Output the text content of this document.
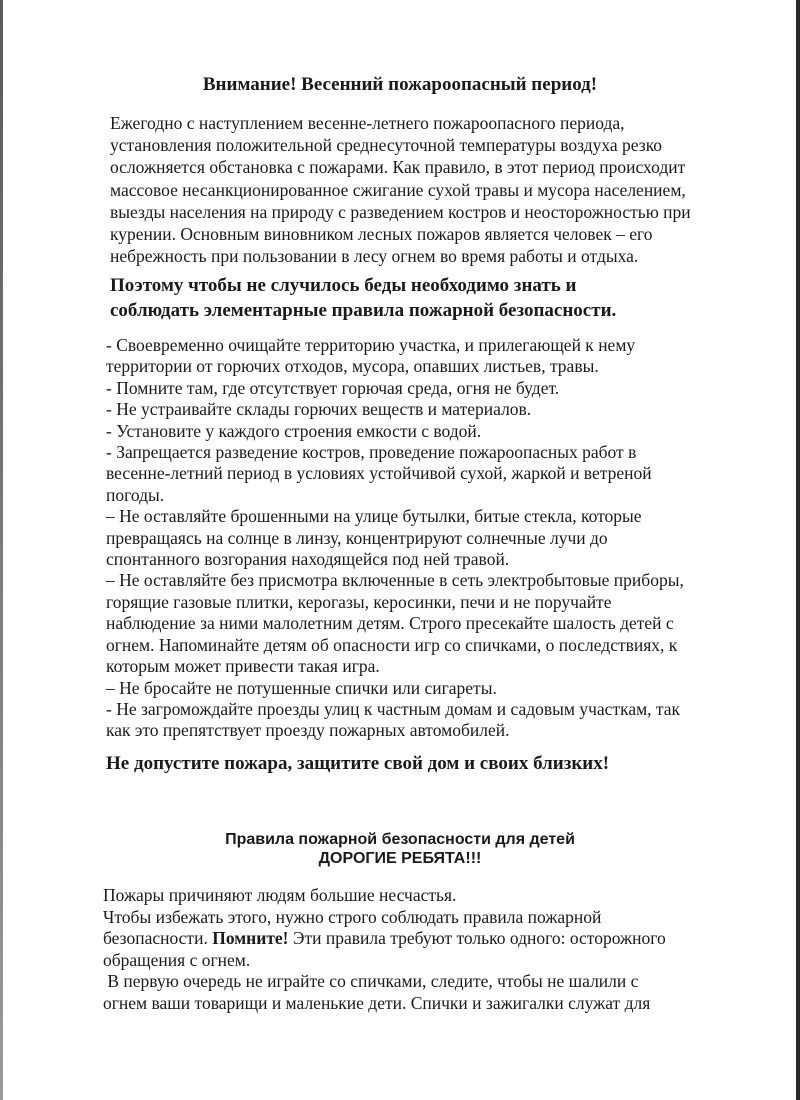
Внимание! Весенний пожароопасный период!
Ежегодно с наступлением весенне-летнего пожароопасного периода,
установления положительной среднесуточной температуры воздуха резко
осложняется обстановка с пожарами. Как правило, в этот период происходит
массовое несанкционированное сжигание сухой травы и мусора населением,
выезды населения на природу с разведением костров и неосторожностью при
курении. Основным виновником лесных пожаров является человек – его
небрежность при пользовании в лесу огнем во время работы и отдыха.
Поэтому чтобы не случилось беды необходимо знать и
соблюдать элементарные правила пожарной безопасности.
- Своевременно очищайте территорию участка, и прилегающей к нему
территории от горючих отходов, мусора, опавших листьев, травы.
- Помните там, где отсутствует горючая среда, огня не будет.
- Не устраивайте склады горючих веществ и материалов.
- Установите у каждого строения емкости с водой.
- Запрещается разведение костров, проведение пожароопасных работ в
весенне-летний период в условиях устойчивой сухой, жаркой и ветреной
погоды.
– Не оставляйте брошенными на улице бутылки, битые стекла, которые
превращаясь на солнце в линзу, концентрируют солнечные лучи до
спонтанного возгорания находящейся под ней травой.
– Не оставляйте без присмотра включенные в сеть электробытовые приборы,
горящие газовые плитки, керогазы, керосинки, печи и не поручайте
наблюдение за ними малолетним детям. Строго пресекайте шалость детей с
огнем. Напоминайте детям об опасности игр со спичками, о последствиях, к
которым может привести такая игра.
– Не бросайте не потушенные спички или сигареты.
- Не загромождайте проезды улиц к частным домам и садовым участкам, так
как это препятствует проезду пожарных автомобилей.
Не допустите пожара, защитите свой дом и своих близких!
Правила пожарной безопасности для детей
ДОРОГИЕ РЕБЯТА!!!
Пожары причиняют людям большие несчастья.
Чтобы избежать этого, нужно строго соблюдать правила пожарной
безопасности. Помните! Эти правила требуют только одного: осторожного
обращения с огнем.
В первую очередь не играйте со спичками, следите, чтобы не шалили с
огнем ваши товарищи и маленькие дети. Спички и зажигалки служат для
